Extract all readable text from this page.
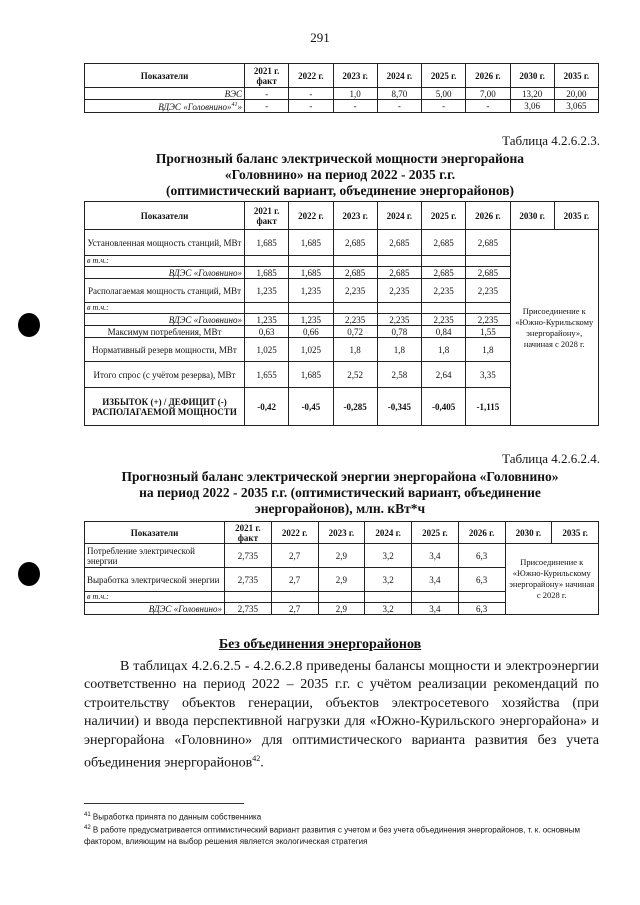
291
Показатели	2021 г. факт	2022 г.	2023 г.	2024 г.	2025 г.	2026 г.	2030 г.	2035 г.
ВЭС	-	-	1,0	8,70	5,00	7,00	13,20	20,00
ВДЭС «Головнино»$^{41}$»	-	-	-	-	-	-	3,06	3,065
Таблица 4.2.6.2.3.
Прогнозный баланс электрической мощности энергорайона
«Головнино» на период 2022 - 2035 г.г.
(оптимистический вариант, объединение энергорайонов)
Показатели	2021 г. факт	2022 г.	2023 г.	2024 г.	2025 г.	2026 г.	2030 г.	2035 г.
Установленная мощность станций, МВт	1,685	1,685	2,685	2,685	2,685	2,685	Присоединение к «Южно-Курильскому энергорайону», начиная с 2028 г.	
в т.ч.:								
ВДЭС «Головнино»	1,685	1,685	2,685	2,685	2,685	2,685		
Располагаемая мощность станций, МВт	1,235	1,235	2,235	2,235	2,235	2,235		
в т.ч.:								
ВДЭС «Головнино»	1,235	1,235	2,235	2,235	2,235	2,235		
Максимум потребления, МВт	0,63	0,66	0,72	0,78	0,84	1,55		
Нормативный резерв мощности, МВт	1,025	1,025	1,8	1,8	1,8	1,8		
Итого спрос (с учётом резерва), МВт	1,655	1,685	2,52	2,58	2,64	3,35		
ИЗБЫТОК (+) / ДЕФИЦИТ (-) РАСПОЛАГАЕМОЙ МОЩНОСТИ	-0,42	-0,45	-0,285	-0,345	-0,405	-1,115		
Таблица 4.2.6.2.4.
Прогнозный баланс электрической энергии энергорайона «Головнино»
на период 2022 - 2035 г.г. (оптимистический вариант, объединение
энергорайонов), млн. кВт*ч
Показатели	2021 г. факт	2022 г.	2023 г.	2024 г.	2025 г.	2026 г.	2030 г.	2035 г.
Потребление электрической энергии	2,735	2,7	2,9	3,2	3,4	6,3	Присоединение к «Южно-Курильскому энергорайону» начиная с 2028 г.	
Выработка электрической энергии	2,735	2,7	2,9	3,2	3,4	6,3		
в т.ч.:								
ВДЭС «Головнино»	2,735	2,7	2,9	3,2	3,4	6,3		
Без объединения энергорайонов
В таблицах 4.2.6.2.5 - 4.2.6.2.8 приведены балансы мощности и электроэнергии соответственно на период 2022 – 2035 г.г. с учётом реализации рекомендаций по строительству объектов генерации, объектов электросетевого хозяйства (при наличии) и ввода перспективной нагрузки для «Южно-Курильского энергорайона» и энергорайона «Головнино» для оптимистического варианта развития без учета объединения энергорайонов$^{42}$.
$^{41}$ Выработка принята по данным собственника
$^{42}$ В работе предусматривается оптимистический вариант развития с учетом и без учета объединения энергорайонов, т. к. основным фактором, влияющим на выбор решения является экологическая стратегия
